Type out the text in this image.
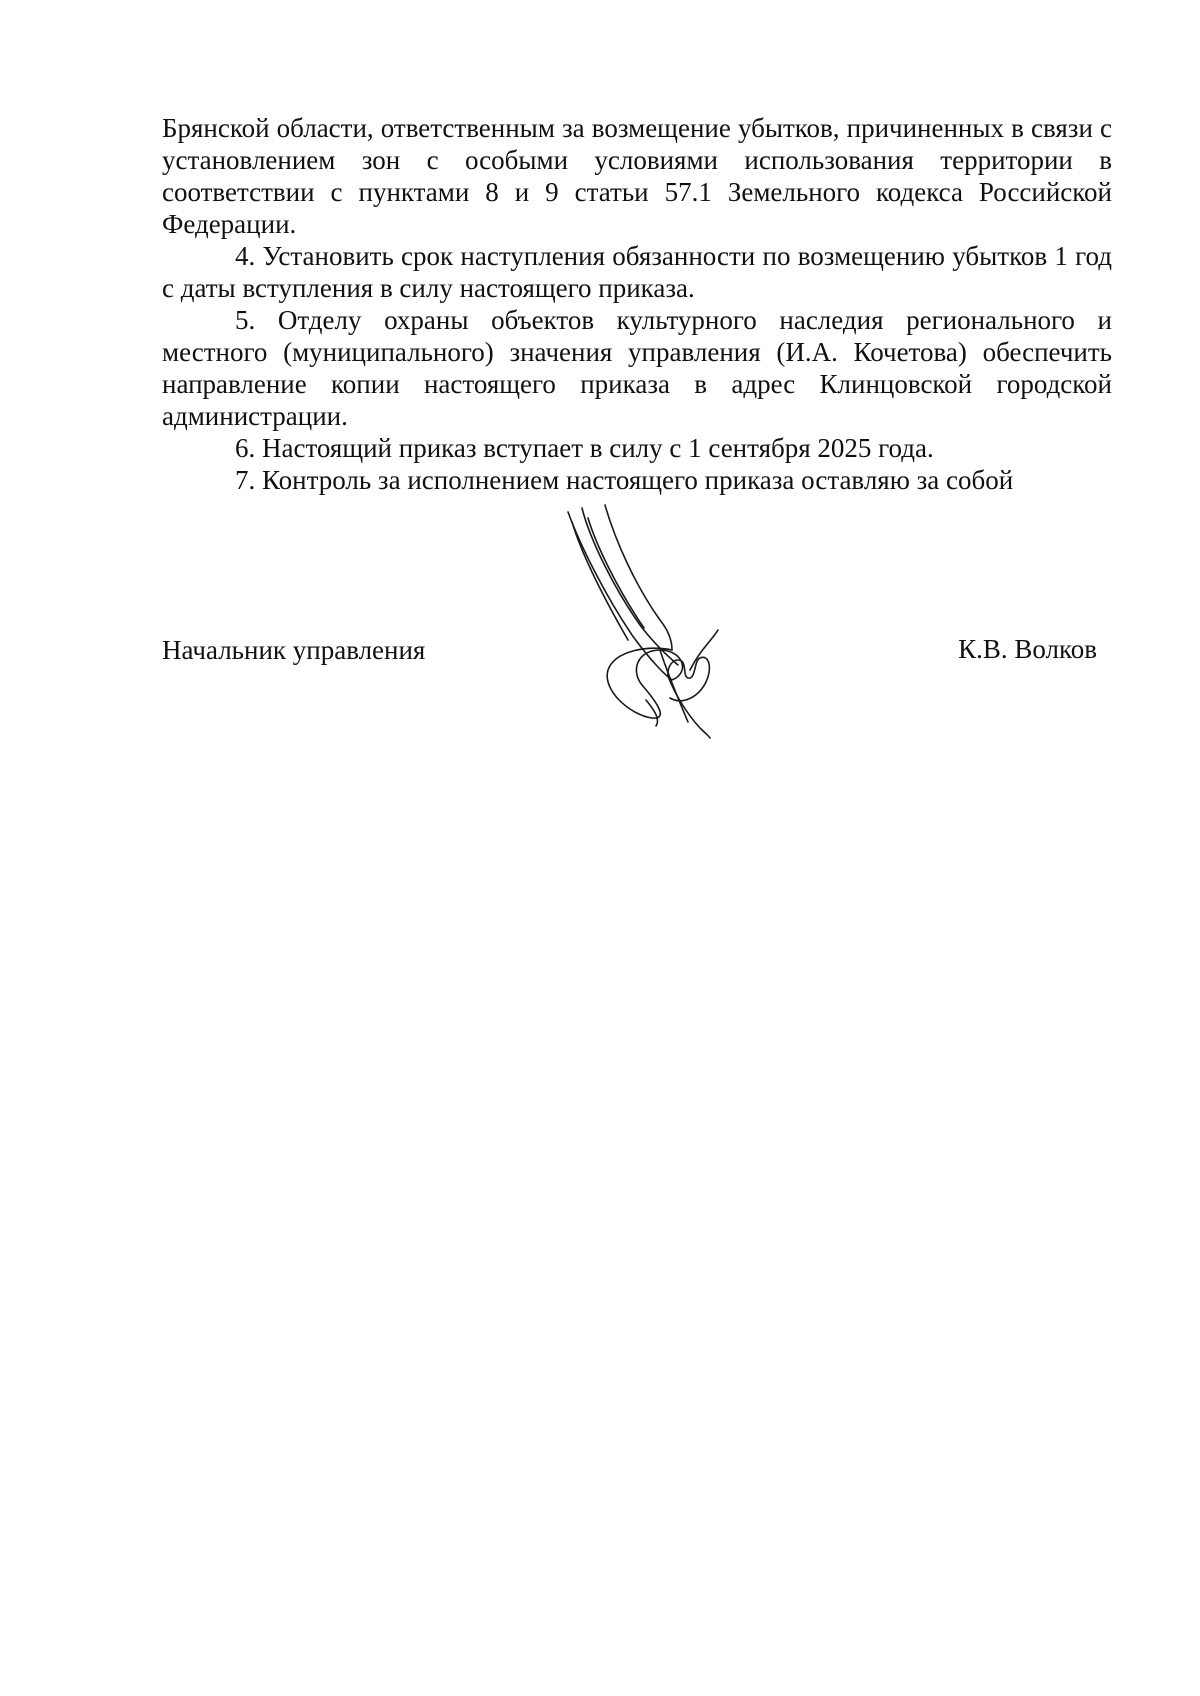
Брянской области, ответственным за возмещение убытков, причиненных в связи с установлением зон с особыми условиями использования территории в соответствии с пунктами 8 и 9 статьи 57.1 Земельного кодекса Российской Федерации.

4. Установить срок наступления обязанности по возмещению убытков 1 год с даты вступления в силу настоящего приказа.

5. Отделу охраны объектов культурного наследия регионального и местного (муниципального) значения управления (И.А. Кочетова) обеспечить направление копии настоящего приказа в адрес Клинцовской городской администрации.

6. Настоящий приказ вступает в силу с 1 сентября 2025 года.

7. Контроль за исполнением настоящего приказа оставляю за собой

Начальник управления	К.В. Волков
